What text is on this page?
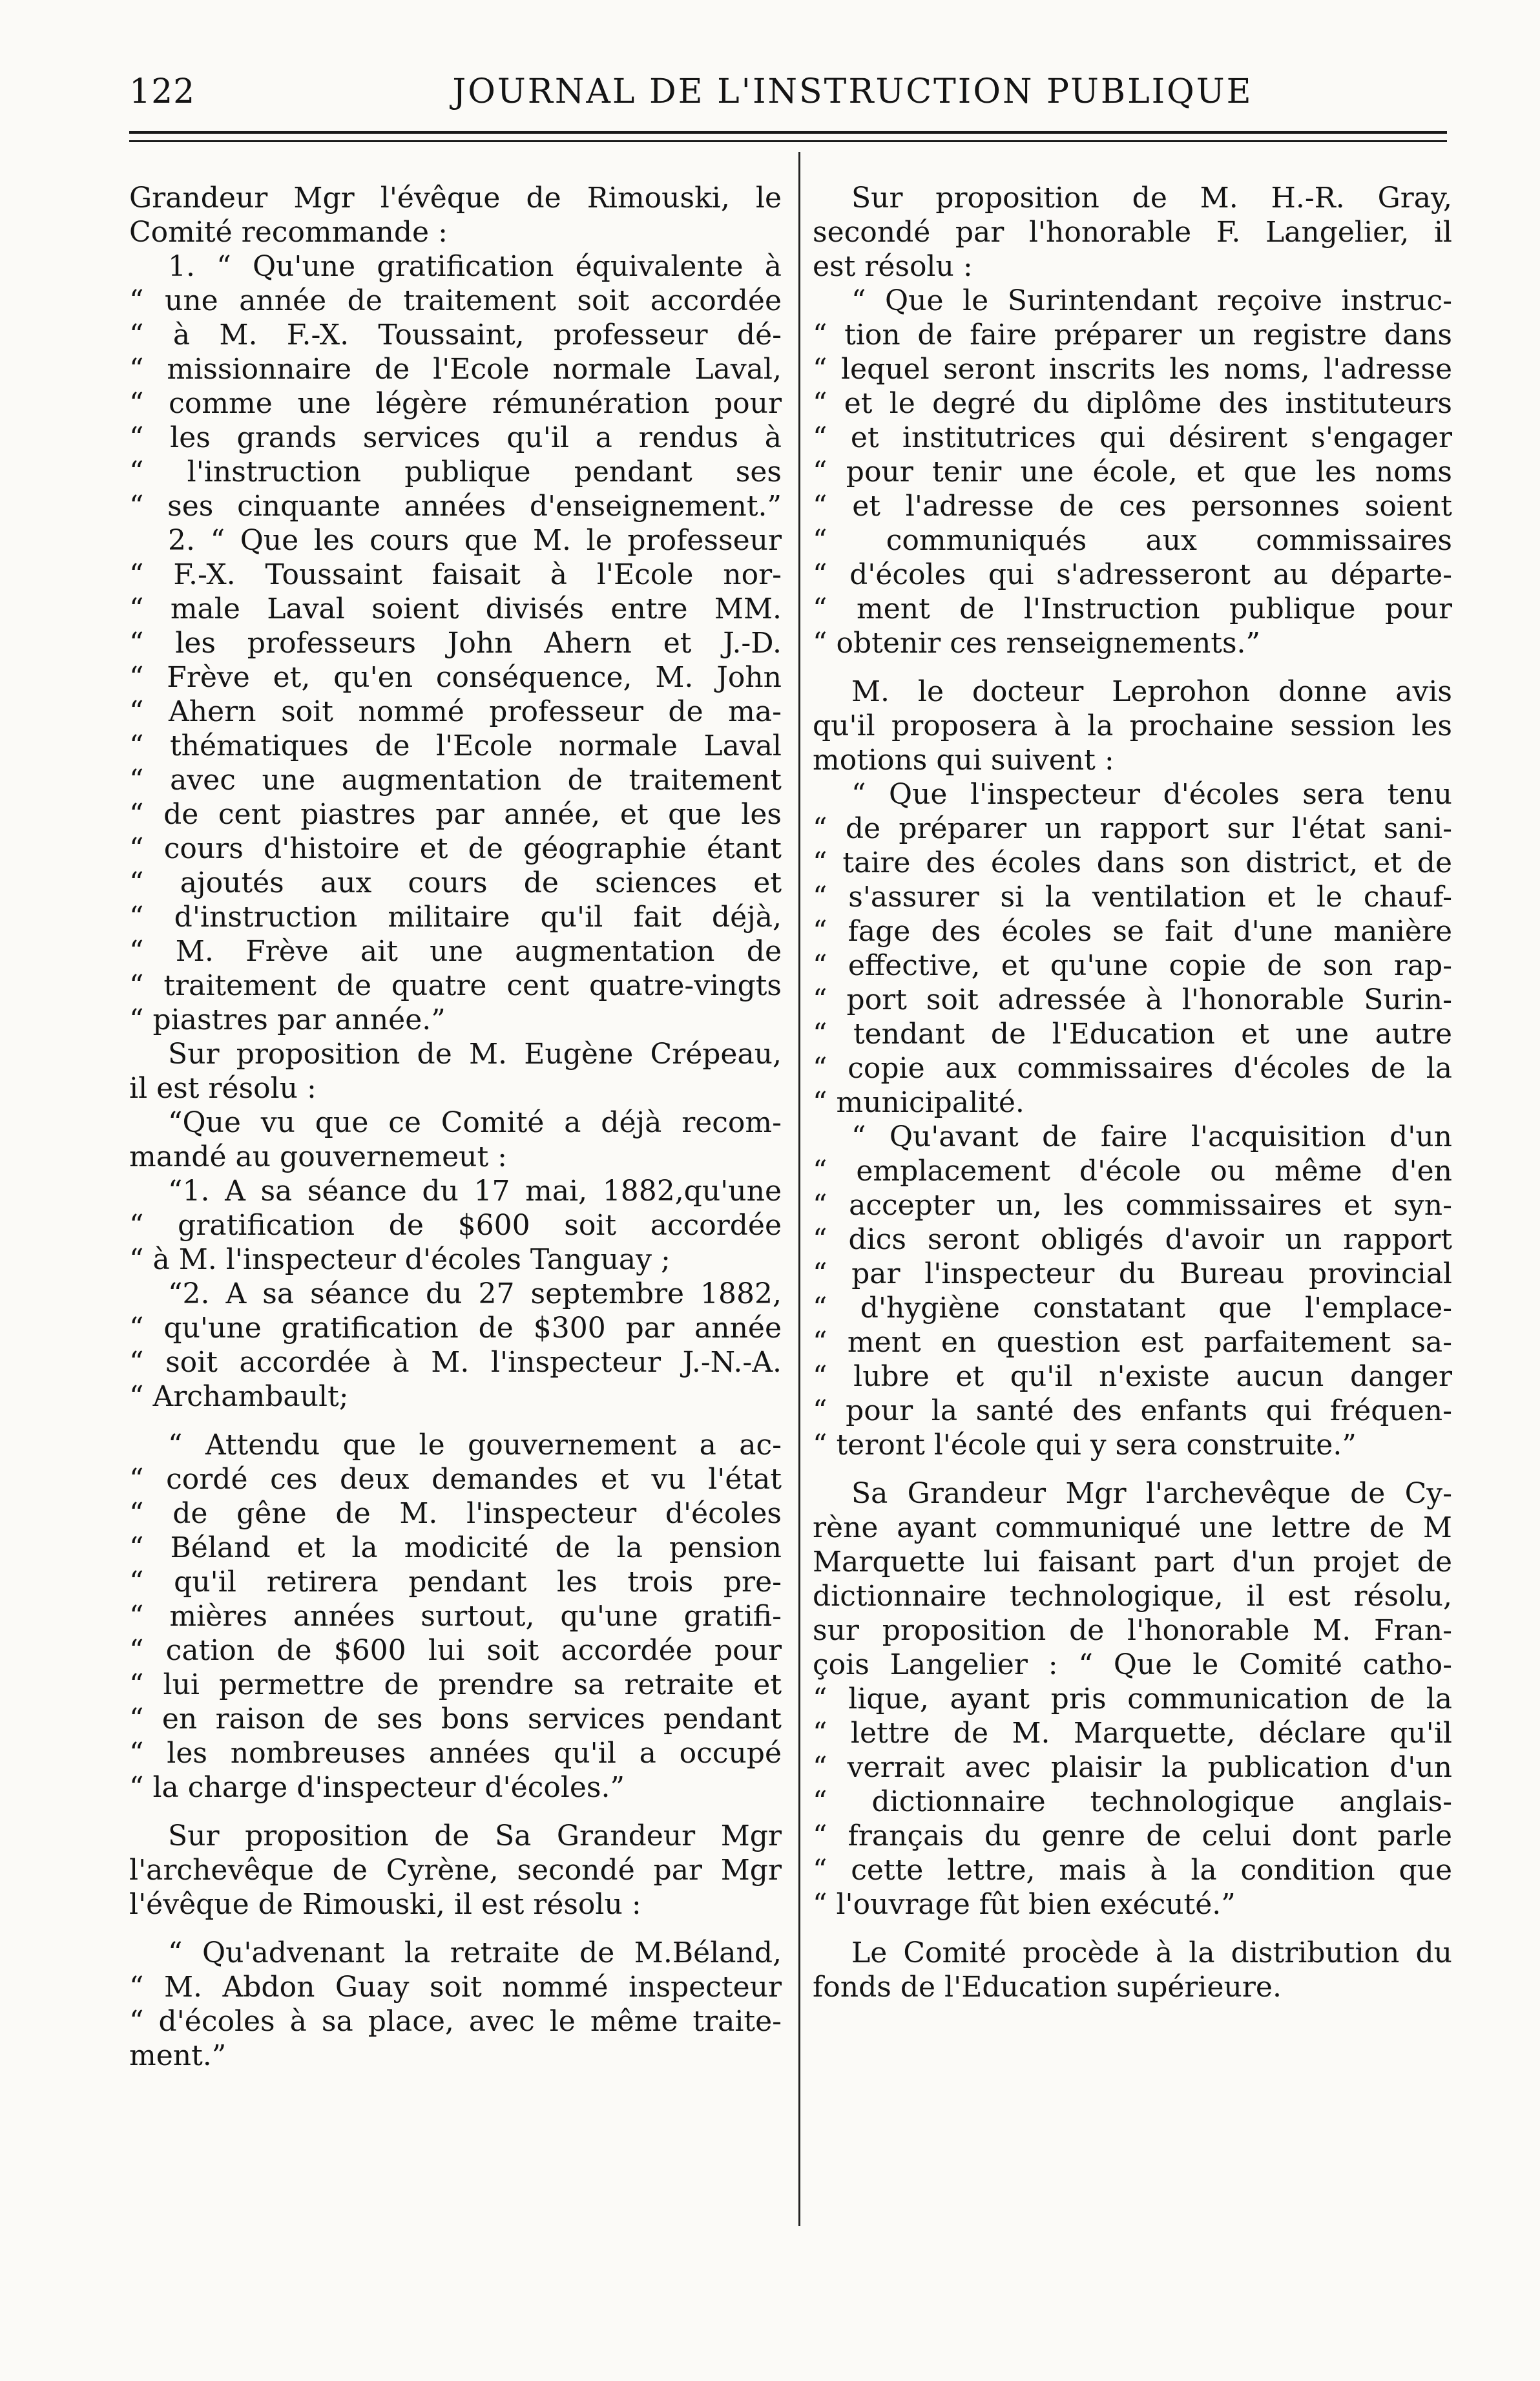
122	JOURNAL DE L'INSTRUCTION PUBLIQUE
Grandeur Mgr l'évêque de Rimouski, le
Comité recommande :
1. “ Qu'une gratification équivalente à
“ une année de traitement soit accordée
“ à M. F.-X. Toussaint, professeur dé-
“ missionnaire de l'Ecole normale Laval,
“ comme une légère rémunération pour
“ les grands services qu'il a rendus à
“ l'instruction publique pendant ses
“ ses cinquante années d'enseignement.”
2. “ Que les cours que M. le professeur
“ F.-X. Toussaint faisait à l'Ecole nor-
“ male Laval soient divisés entre MM.
“ les professeurs John Ahern et J.-D.
“ Frève et, qu'en conséquence, M. John
“ Ahern soit nommé professeur de ma-
“ thématiques de l'Ecole normale Laval
“ avec une augmentation de traitement
“ de cent piastres par année, et que les
“ cours d'histoire et de géographie étant
“ ajoutés aux cours de sciences et
“ d'instruction militaire qu'il fait déjà,
“ M. Frève ait une augmentation de
“ traitement de quatre cent quatre-vingts
“ piastres par année.”
Sur proposition de M. Eugène Crépeau,
il est résolu :
“Que vu que ce Comité a déjà recom-
mandé au gouvernemeut :
“1. A sa séance du 17 mai, 1882,qu'une
“ gratification de $600 soit accordée
“ à M. l'inspecteur d'écoles Tanguay ;
“2. A sa séance du 27 septembre 1882,
“ qu'une gratification de $300 par année
“ soit accordée à M. l'inspecteur J.-N.-A.
“ Archambault;
“ Attendu que le gouvernement a ac-
“ cordé ces deux demandes et vu l'état
“ de gêne de M. l'inspecteur d'écoles
“ Béland et la modicité de la pension
“ qu'il retirera pendant les trois pre-
“ mières années surtout, qu'une gratifi-
“ cation de $600 lui soit accordée pour
“ lui permettre de prendre sa retraite et
“ en raison de ses bons services pendant
“ les nombreuses années qu'il a occupé
“ la charge d'inspecteur d'écoles.”
Sur proposition de Sa Grandeur Mgr
l'archevêque de Cyrène, secondé par Mgr
l'évêque de Rimouski, il est résolu :
“ Qu'advenant la retraite de M.Béland,
“ M. Abdon Guay soit nommé inspecteur
“ d'écoles à sa place, avec le même traite-
ment.”
Sur proposition de M. H.-R. Gray,
secondé par l'honorable F. Langelier, il
est résolu :
“ Que le Surintendant reçoive instruc-
“ tion de faire préparer un registre dans
“ lequel seront inscrits les noms, l'adresse
“ et le degré du diplôme des instituteurs
“ et institutrices qui désirent s'engager
“ pour tenir une école, et que les noms
“ et l'adresse de ces personnes soient
“ communiqués aux commissaires
“ d'écoles qui s'adresseront au départe-
“ ment de l'Instruction publique pour
“ obtenir ces renseignements.”
M. le docteur Leprohon donne avis
qu'il proposera à la prochaine session les
motions qui suivent :
“ Que l'inspecteur d'écoles sera tenu
“ de préparer un rapport sur l'état sani-
“ taire des écoles dans son district, et de
“ s'assurer si la ventilation et le chauf-
“ fage des écoles se fait d'une manière
“ effective, et qu'une copie de son rap-
“ port soit adressée à l'honorable Surin-
“ tendant de l'Education et une autre
“ copie aux commissaires d'écoles de la
“ municipalité.
“ Qu'avant de faire l'acquisition d'un
“ emplacement d'école ou même d'en
“ accepter un, les commissaires et syn-
“ dics seront obligés d'avoir un rapport
“ par l'inspecteur du Bureau provincial
“ d'hygiène constatant que l'emplace-
“ ment en question est parfaitement sa-
“ lubre et qu'il n'existe aucun danger
“ pour la santé des enfants qui fréquen-
“ teront l'école qui y sera construite.”
Sa Grandeur Mgr l'archevêque de Cy-
rène ayant communiqué une lettre de M
Marquette lui faisant part d'un projet de
dictionnaire technologique, il est résolu,
sur proposition de l'honorable M. Fran-
çois Langelier : “ Que le Comité catho-
“ lique, ayant pris communication de la
“ lettre de M. Marquette, déclare qu'il
“ verrait avec plaisir la publication d'un
“ dictionnaire technologique anglais-
“ français du genre de celui dont parle
“ cette lettre, mais à la condition que
“ l'ouvrage fût bien exécuté.”
Le Comité procède à la distribution du
fonds de l'Education supérieure.
